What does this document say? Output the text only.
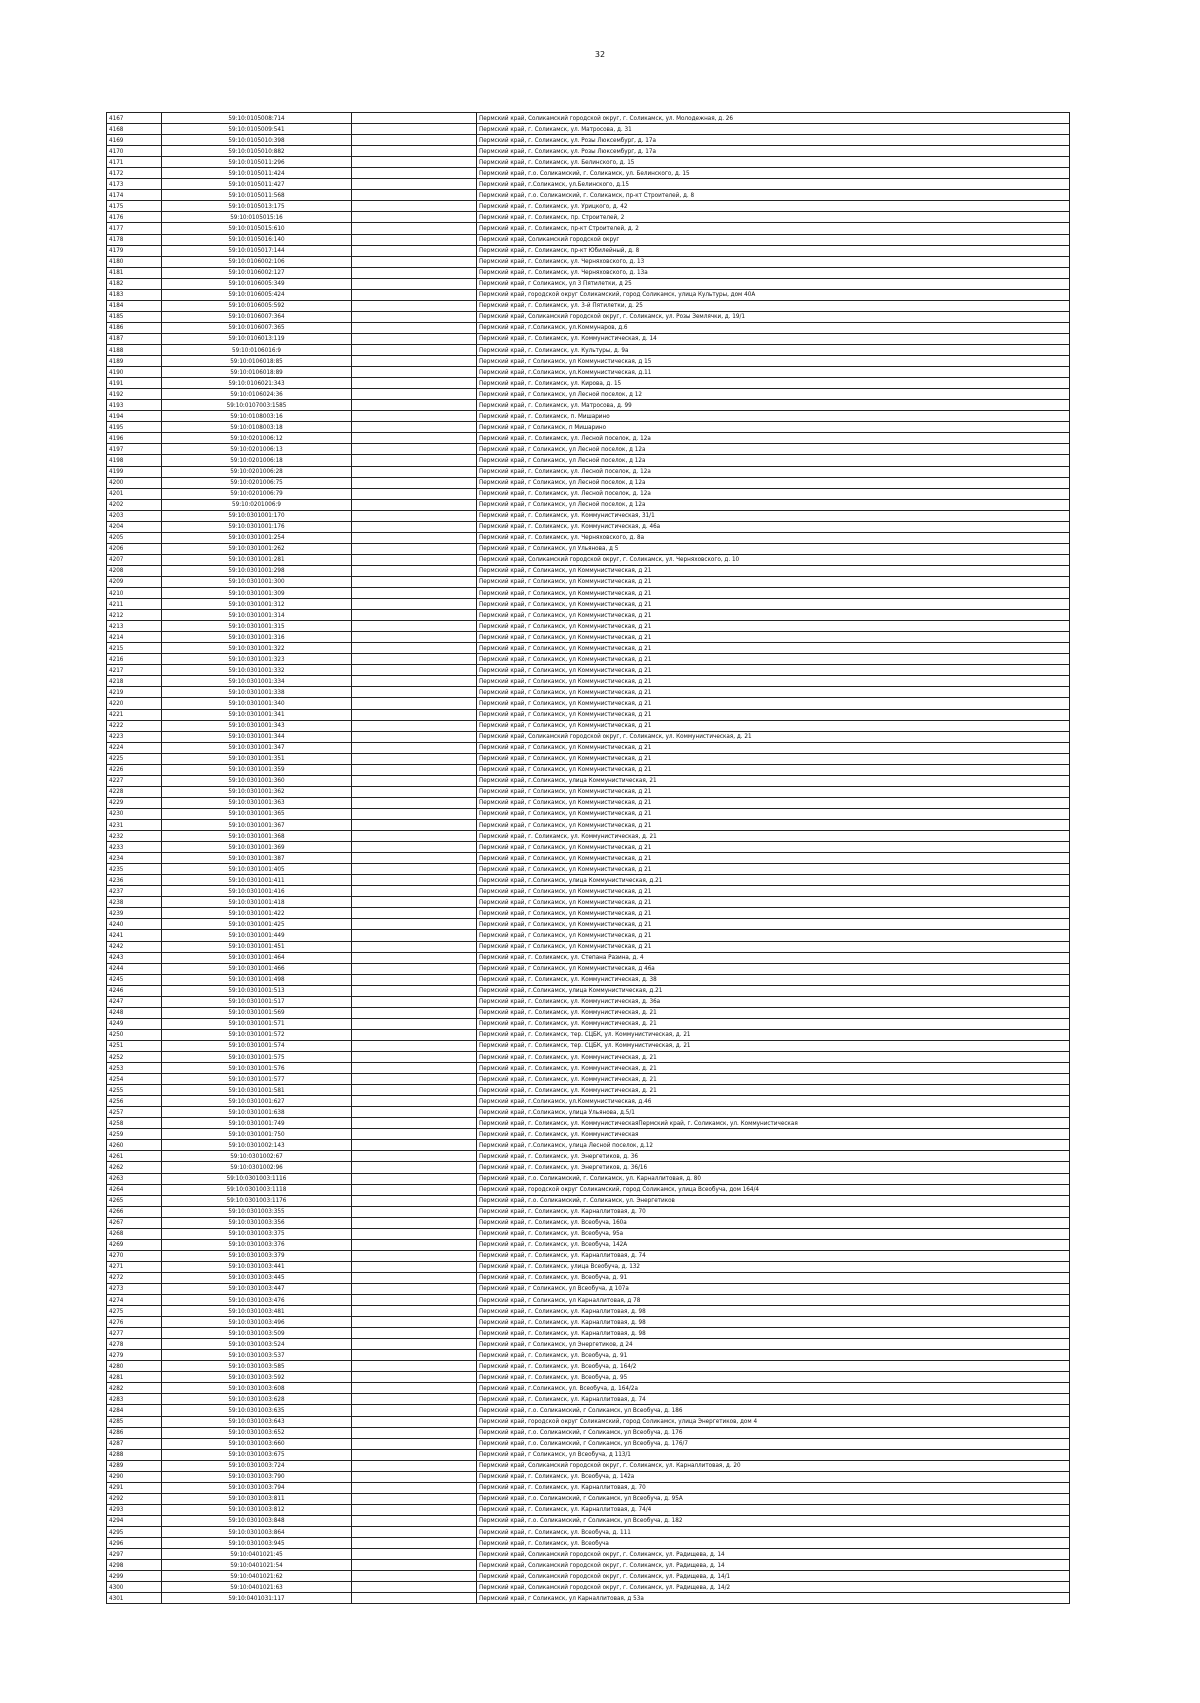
32
4167	59:10:0105008:714		Пермский край, Соликамский городской округ, г. Соликамск, ул. Молодежная, д. 26
4168	59:10:0105009:541		Пермский край, г. Соликамск, ул. Матросова, д. 31
4169	59:10:0105010:398		Пермский край, г. Соликамск, ул. Розы Люксембург, д. 17а
4170	59:10:0105010:882		Пермский край, г. Соликамск, ул. Розы Люксембург, д. 17а
4171	59:10:0105011:296		Пермский край, г. Соликамск, ул. Белинского, д. 15
4172	59:10:0105011:424		Пермский край, г.о. Соликамский, г. Соликамск, ул. Белинского, д. 15
4173	59:10:0105011:427		Пермский край, г.Соликамск, ул.Белинского, д.15
4174	59:10:0105011:568		Пермский край, г.о. Соликамский, г. Соликамск, пр-кт Строителей, д. 8
4175	59:10:0105013:175		Пермский край, г. Соликамск, ул. Урицкого, д. 42
4176	59:10:0105015:16		Пермский край, г. Соликамск, пр. Строителей, 2
4177	59:10:0105015:610		Пермский край, г. Соликамск, пр-кт Строителей, д. 2
4178	59:10:0105016:140		Пермский край, Соликамский городской округ
4179	59:10:0105017:144		Пермский край, г. Соликамск, пр-кт Юбилейный, д. 8
4180	59:10:0106002:106		Пермский край, г. Соликамск, ул. Черняховского, д. 13
4181	59:10:0106002:127		Пермский край, г. Соликамск, ул. Черняховского, д. 13а
4182	59:10:0106005:349		Пермский край, г Соликамск, ул 3 Пятилетки, д 25
4183	59:10:0106005:424		Пермский край, городской округ Соликамский, город Соликамск, улица Культуры, дом 40А
4184	59:10:0106005:592		Пермский край, г. Соликамск, ул. 3-й Пятилетки, д. 25
4185	59:10:0106007:364		Пермский край, Соликамский городской округ, г. Соликамск, ул. Розы Землячки, д. 19/1
4186	59:10:0106007:365		Пермский край, г.Соликамск, ул.Коммунаров, д.6
4187	59:10:0106013:119		Пермский край, г. Соликамск, ул. Коммунистическая, д. 14
4188	59:10:0106016:9		Пермский край, г. Соликамск, ул. Культуры, д. 9а
4189	59:10:0106018:85		Пермский край, г Соликамск, ул Коммунистическая, д 15
4190	59:10:0106018:89		Пермский край, г.Соликамск, ул.Коммунистическая, д.11
4191	59:10:0106021:343		Пермский край, г. Соликамск, ул. Кирова, д. 15
4192	59:10:0106024:36		Пермский край, г Соликамск, ул Лесной поселок, д 12
4193	59:10:0107003:1585		Пермский край, г. Соликамск, ул. Матросова, д. 99
4194	59:10:0108003:16		Пермский край, г. Соликамск, п. Мишарино
4195	59:10:0108003:18		Пермский край, г Соликамск, п Мишарино
4196	59:10:0201006:12		Пермский край, г. Соликамск, ул. Лесной поселок, д. 12а
4197	59:10:0201006:13		Пермский край, г Соликамск, ул Лесной поселок, д 12а
4198	59:10:0201006:18		Пермский край, г Соликамск, ул Лесной поселок, д 12а
4199	59:10:0201006:28		Пермский край, г. Соликамск, ул. Лесной поселок, д. 12а
4200	59:10:0201006:75		Пермский край, г Соликамск, ул Лесной поселок, д 12а
4201	59:10:0201006:79		Пермский край, г. Соликамск, ул. Лесной поселок, д. 12а
4202	59:10:0201006:9		Пермский край, г Соликамск, ул Лесной поселок, д 12а
4203	59:10:0301001:170		Пермский край, г. Соликамск, ул. Коммунистическая, 31/1
4204	59:10:0301001:176		Пермский край, г. Соликамск, ул. Коммунистическая, д. 46а
4205	59:10:0301001:254		Пермский край, г. Соликамск, ул. Черняховского, д. 8а
4206	59:10:0301001:262		Пермский край, г Соликамск, ул Ульянова, д 5
4207	59:10:0301001:281		Пермский край, Соликамский городской округ, г. Соликамск, ул. Черняховского, д. 10
4208	59:10:0301001:298		Пермский край, г Соликамск, ул Коммунистическая, д 21
4209	59:10:0301001:300		Пермский край, г Соликамск, ул Коммунистическая, д 21
4210	59:10:0301001:309		Пермский край, г Соликамск, ул Коммунистическая, д 21
4211	59:10:0301001:312		Пермский край, г Соликамск, ул Коммунистическая, д 21
4212	59:10:0301001:314		Пермский край, г Соликамск, ул Коммунистическая, д 21
4213	59:10:0301001:315		Пермский край, г Соликамск, ул Коммунистическая, д 21
4214	59:10:0301001:316		Пермский край, г Соликамск, ул Коммунистическая, д 21
4215	59:10:0301001:322		Пермский край, г Соликамск, ул Коммунистическая, д 21
4216	59:10:0301001:323		Пермский край, г Соликамск, ул Коммунистическая, д 21
4217	59:10:0301001:332		Пермский край, г Соликамск, ул Коммунистическая, д 21
4218	59:10:0301001:334		Пермский край, г Соликамск, ул Коммунистическая, д 21
4219	59:10:0301001:338		Пермский край, г Соликамск, ул Коммунистическая, д 21
4220	59:10:0301001:340		Пермский край, г Соликамск, ул Коммунистическая, д 21
4221	59:10:0301001:341		Пермский край, г Соликамск, ул Коммунистическая, д 21
4222	59:10:0301001:343		Пермский край, г Соликамск, ул Коммунистическая, д 21
4223	59:10:0301001:344		Пермский край, Соликамский городской округ, г. Соликамск, ул. Коммунистическая, д. 21
4224	59:10:0301001:347		Пермский край, г Соликамск, ул Коммунистическая, д 21
4225	59:10:0301001:351		Пермский край, г Соликамск, ул Коммунистическая, д 21
4226	59:10:0301001:359		Пермский край, г Соликамск, ул Коммунистическая, д 21
4227	59:10:0301001:360		Пермский край, г.Соликамск, улица Коммунистическая, 21
4228	59:10:0301001:362		Пермский край, г Соликамск, ул Коммунистическая, д 21
4229	59:10:0301001:363		Пермский край, г Соликамск, ул Коммунистическая, д 21
4230	59:10:0301001:365		Пермский край, г Соликамск, ул Коммунистическая, д 21
4231	59:10:0301001:367		Пермский край, г Соликамск, ул Коммунистическая, д 21
4232	59:10:0301001:368		Пермский край, г. Соликамск, ул. Коммунистическая, д. 21
4233	59:10:0301001:369		Пермский край, г Соликамск, ул Коммунистическая, д 21
4234	59:10:0301001:387		Пермский край, г Соликамск, ул Коммунистическая, д 21
4235	59:10:0301001:405		Пермский край, г Соликамск, ул Коммунистическая, д 21
4236	59:10:0301001:411		Пермский край, г.Соликамск, улица Коммунистическая, д.21
4237	59:10:0301001:416		Пермский край, г Соликамск, ул Коммунистическая, д 21
4238	59:10:0301001:418		Пермский край, г Соликамск, ул Коммунистическая, д 21
4239	59:10:0301001:422		Пермский край, г Соликамск, ул Коммунистическая, д 21
4240	59:10:0301001:425		Пермский край, г Соликамск, ул Коммунистическая, д 21
4241	59:10:0301001:449		Пермский край, г Соликамск, ул Коммунистическая, д 21
4242	59:10:0301001:451		Пермский край, г Соликамск, ул Коммунистическая, д 21
4243	59:10:0301001:464		Пермский край, г. Соликамск, ул. Степана Разина, д. 4
4244	59:10:0301001:466		Пермский край, г Соликамск, ул Коммунистическая, д 46а
4245	59:10:0301001:498		Пермский край, г. Соликамск, ул. Коммунистическая, д. 38
4246	59:10:0301001:513		Пермский край, г.Соликамск, улица Коммунистическая, д.21
4247	59:10:0301001:517		Пермский край, г. Соликамск, ул. Коммунистическая, д. 36а
4248	59:10:0301001:569		Пермский край, г. Соликамск, ул. Коммунистическая, д. 21
4249	59:10:0301001:571		Пермский край, г. Соликамск, ул. Коммунистическая, д. 21
4250	59:10:0301001:572		Пермский край, г. Соликамск, тер. СЦБК, ул. Коммунистическая, д. 21
4251	59:10:0301001:574		Пермский край, г. Соликамск, тер. СЦБК, ул. Коммунистическая, д. 21
4252	59:10:0301001:575		Пермский край, г. Соликамск, ул. Коммунистическая, д. 21
4253	59:10:0301001:576		Пермский край, г. Соликамск, ул. Коммунистическая, д. 21
4254	59:10:0301001:577		Пермский край, г. Соликамск, ул. Коммунистическая, д. 21
4255	59:10:0301001:581		Пермский край, г. Соликамск, ул. Коммунистическая, д. 21
4256	59:10:0301001:627		Пермский край, г.Соликамск, ул.Коммунистическая, д.46
4257	59:10:0301001:638		Пермский край, г.Соликамск, улица Ульянова, д.5/1
4258	59:10:0301001:749		Пермский край, г. Соликамск, ул. КоммунистическаяПермский край, г. Соликамск, ул. Коммунистическая
4259	59:10:0301001:750		Пермский край, г. Соликамск, ул. Коммунистическая
4260	59:10:0301002:143		Пермский край, г.Соликамск, улица Лесной поселок, д.12
4261	59:10:0301002:67		Пермский край, г. Соликамск, ул. Энергетиков, д. 36
4262	59:10:0301002:96		Пермский край, г. Соликамск, ул. Энергетиков, д. 36/16
4263	59:10:0301003:1116		Пермский край, г.о. Соликамский, г. Соликамск, ул. Карналлитовая, д. 80
4264	59:10:0301003:1118		Пермский край, городской округ Соликамский, город Соликамск, улица Всеобуча, дом 164/4
4265	59:10:0301003:1176		Пермский край, г.о. Соликамский, г. Соликамск, ул. Энергетиков
4266	59:10:0301003:355		Пермский край, г. Соликамск, ул. Карналлитовая, д. 70
4267	59:10:0301003:356		Пермский край, г. Соликамск, ул. Всеобуча, 160а
4268	59:10:0301003:375		Пермский край, г. Соликамск, ул. Всеобуча, 95а
4269	59:10:0301003:376		Пермский край, г. Соликамск, ул. Всеобуча, 142А
4270	59:10:0301003:379		Пермский край, г. Соликамск, ул. Карналлитовая, д. 74
4271	59:10:0301003:441		Пермский край, г. Соликамск, улица Всеобуча, д. 132
4272	59:10:0301003:445		Пермский край, г. Соликамск, ул. Всеобуча, д. 91
4273	59:10:0301003:447		Пермский край, г Соликамск, ул Всеобуча, д 107а
4274	59:10:0301003:476		Пермский край, г Соликамск, ул Карналлитовая, д 78
4275	59:10:0301003:481		Пермский край, г. Соликамск, ул. Карналлитовая, д. 98
4276	59:10:0301003:496		Пермский край, г. Соликамск, ул. Карналлитовая, д. 98
4277	59:10:0301003:509		Пермский край, г. Соликамск, ул. Карналлитовая, д. 98
4278	59:10:0301003:524		Пермский край, г Соликамск, ул Энергетиков, д 24
4279	59:10:0301003:537		Пермский край, г. Соликамск, ул. Всеобуча, д. 91
4280	59:10:0301003:585		Пермский край, г. Соликамск, ул. Всеобуча, д. 164/2
4281	59:10:0301003:592		Пермский край, г. Соликамск, ул. Всеобуча, д. 95
4282	59:10:0301003:608		Пермский край, г.Соликамск, ул. Всеобуча, д. 164/2а
4283	59:10:0301003:628		Пермский край, г. Соликамск, ул. Карналлитовая, д. 74
4284	59:10:0301003:635		Пермский край, г.о. Соликамский, г Соликамск, ул Всеобуча, д. 186
4285	59:10:0301003:643		Пермский край, городской округ Соликамский, город Соликамск, улица Энергетиков, дом 4
4286	59:10:0301003:652		Пермский край, г.о. Соликамский, г Соликамск, ул Всеобуча, д. 176
4287	59:10:0301003:660		Пермский край, г.о. Соликамский, г Соликамск, ул Всеобуча, д. 176/7
4288	59:10:0301003:675		Пермский край, г Соликамск, ул Всеобуча, д 113/1
4289	59:10:0301003:724		Пермский край, Соликамский городской округ, г. Соликамск, ул. Карналлитовая, д. 20
4290	59:10:0301003:790		Пермский край, г. Соликамск, ул. Всеобуча, д. 142а
4291	59:10:0301003:794		Пермский край, г. Соликамск, ул. Карналлитовая, д. 70
4292	59:10:0301003:811		Пермский край, г.о. Соликамский, г Соликамск, ул Всеобуча, д. 95А
4293	59:10:0301003:812		Пермский край, г. Соликамск, ул. Карналлитовая, д. 74/4
4294	59:10:0301003:848		Пермский край, г.о. Соликамский, г Соликамск, ул Всеобуча, д. 182
4295	59:10:0301003:864		Пермский край, г. Соликамск, ул. Всеобуча, д. 111
4296	59:10:0301003:945		Пермский край, г. Соликамск, ул. Всеобуча
4297	59:10:0401021:45		Пермский край, Соликамский городской округ, г. Соликамск, ул. Радищева, д. 14
4298	59:10:0401021:54		Пермский край, Соликамский городской округ, г. Соликамск, ул. Радищева, д. 14
4299	59:10:0401021:62		Пермский край, Соликамский городской округ, г. Соликамск, ул. Радищева, д. 14/1
4300	59:10:0401021:63		Пермский край, Соликамский городской округ, г. Соликамск, ул. Радищева, д. 14/2
4301	59:10:0401031:117		Пермский край, г Соликамск, ул Карналлитовая, д 53а
